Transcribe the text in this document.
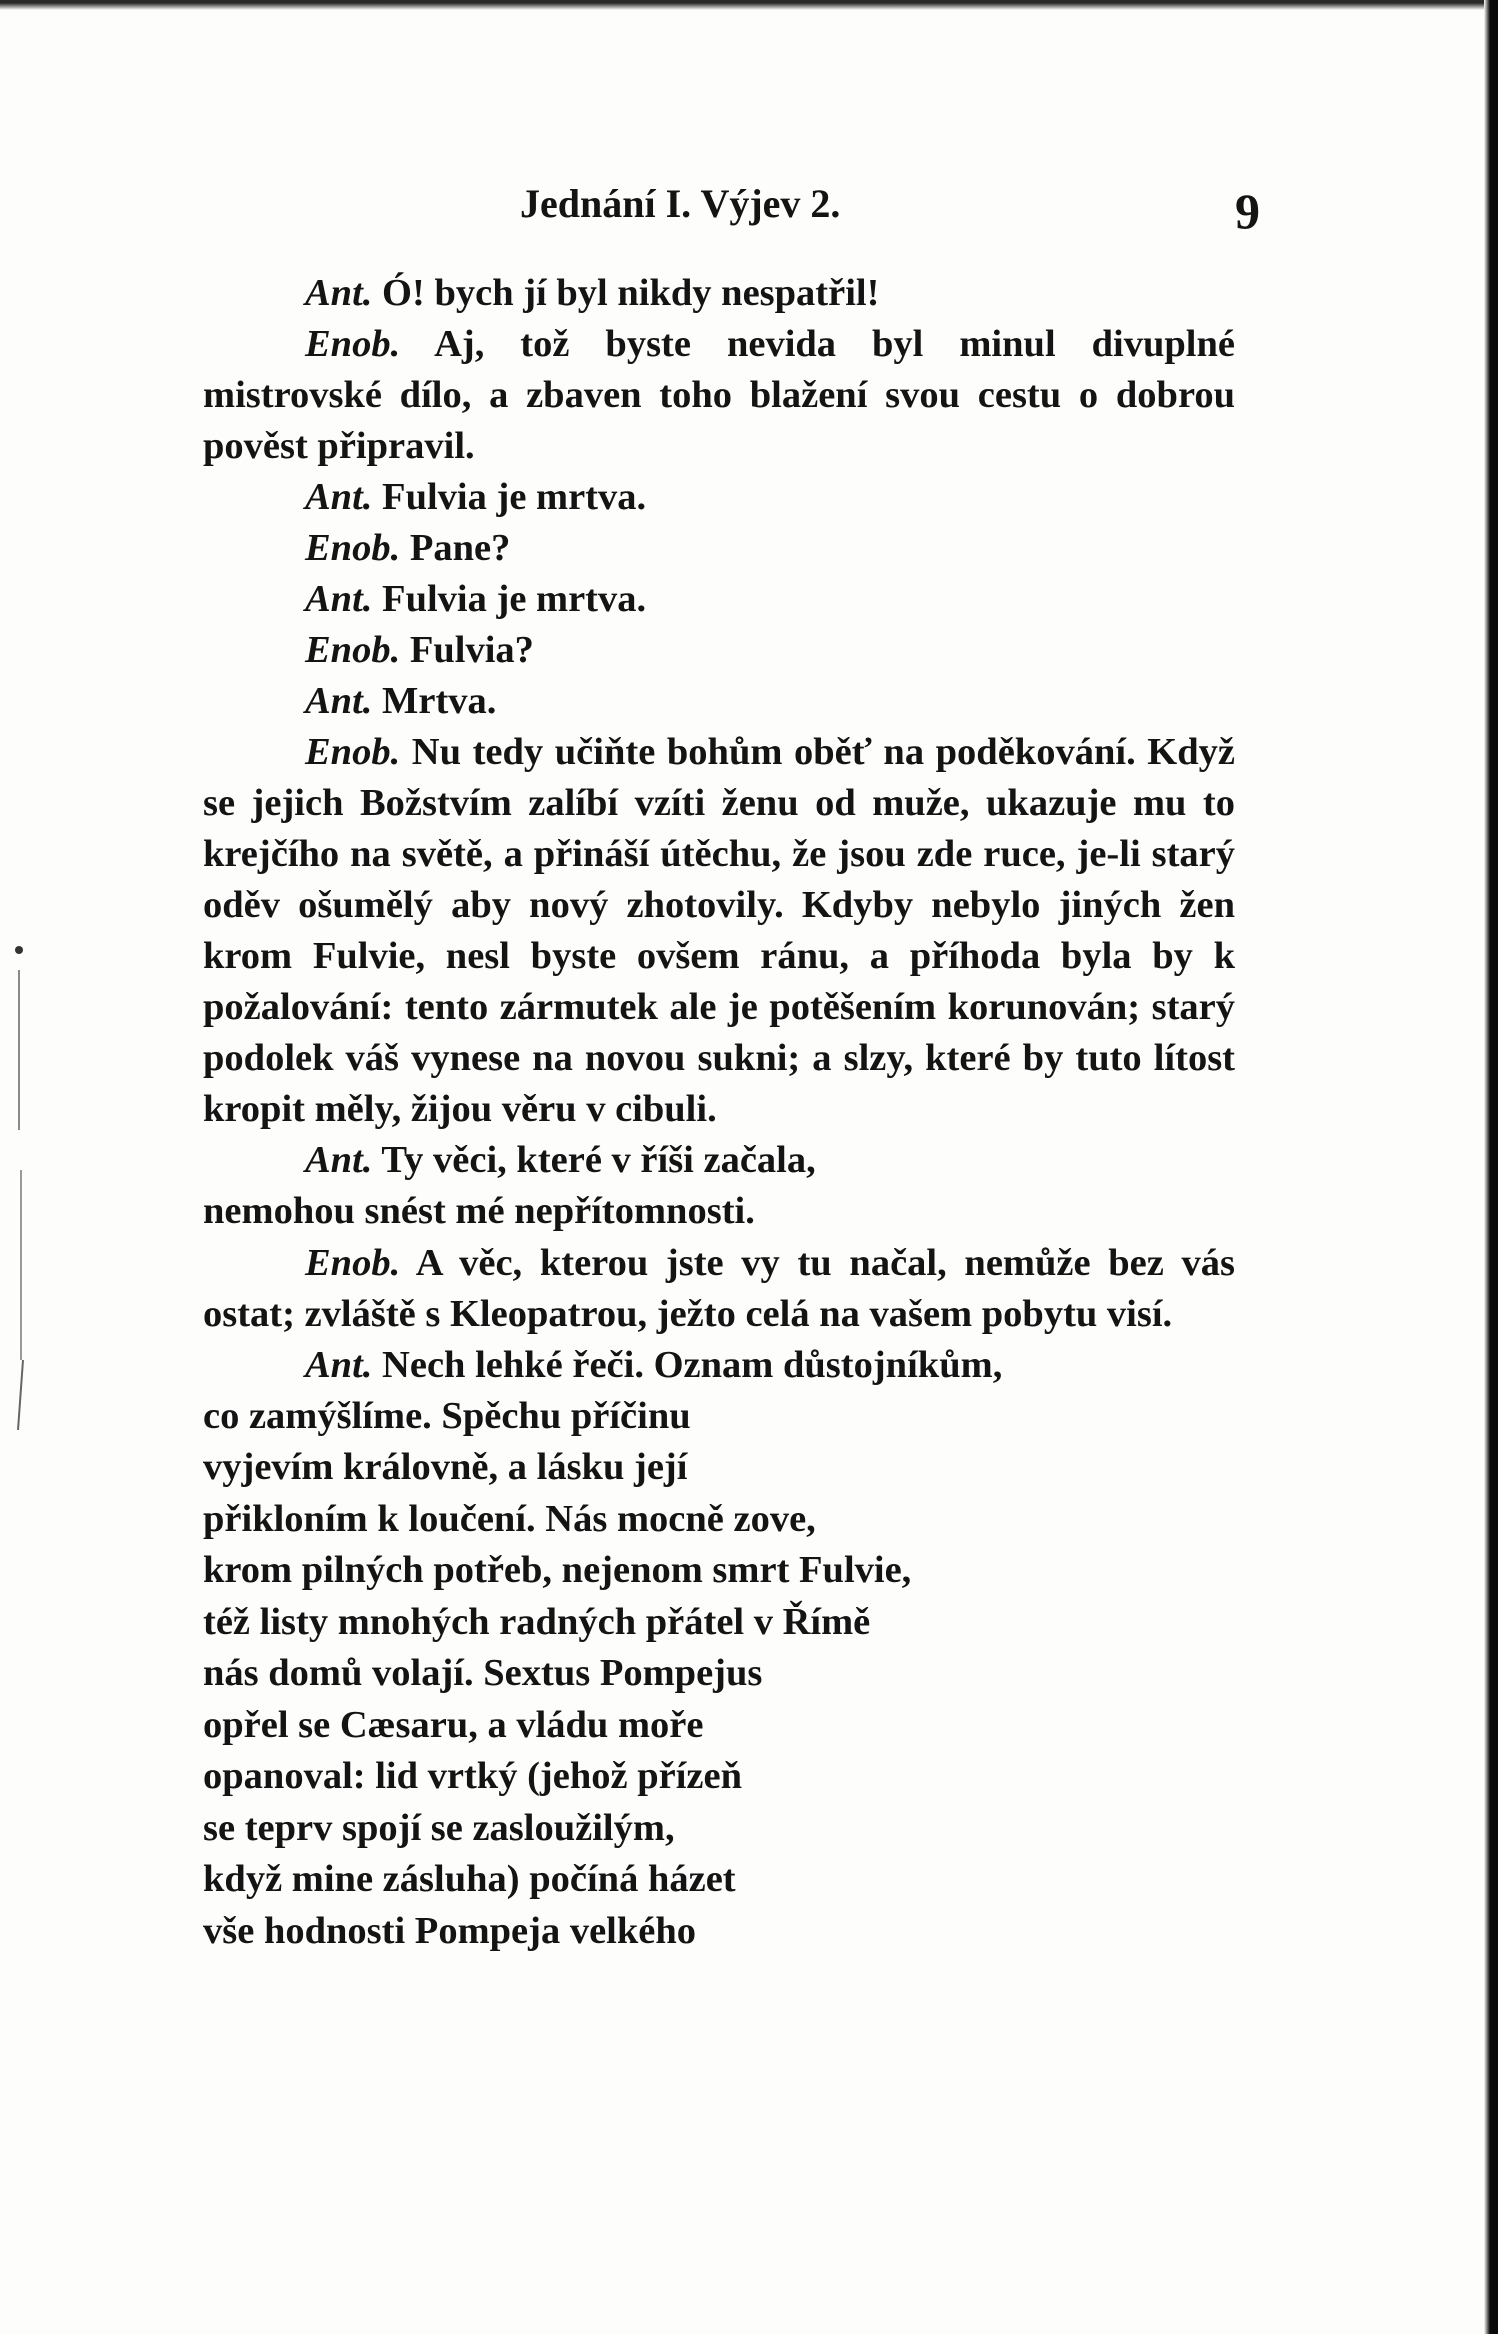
Jednání I. Výjev 2.	9

Ant. Ó! bych jí byl nikdy nespatřil!

Enob. Aj, tož byste nevida byl minul divuplné mistrovské dílo, a zbaven toho blažení svou cestu o dobrou pověst připravil.

Ant. Fulvia je mrtva.

Enob. Pane?

Ant. Fulvia je mrtva.

Enob. Fulvia?

Ant. Mrtva.

Enob. Nu tedy učiňte bohům oběť na poděkování. Když se jejich Božstvím zalíbí vzíti ženu od muže, ukazuje mu to krejčího na světě, a přináší útěchu, že jsou zde ruce, je-li starý oděv ošumělý aby nový zhotovily. Kdyby nebylo jiných žen krom Fulvie, nesl byste ovšem ránu, a příhoda byla by k požalování: tento zármutek ale je potěšením korunován; starý podolek váš vynese na novou sukni; a slzy, které by tuto lítost kropit měly, žijou věru v cibuli.

Ant. Ty věci, které v říši začala,

nemohou snést mé nepřítomnosti.

Enob. A věc, kterou jste vy tu načal, nemůže bez vás ostat; zvláště s Kleopatrou, ježto celá na vašem pobytu visí.

Ant. Nech lehké řeči. Oznam důstojníkům,

co zamýšlíme. Spěchu příčinu

vyjevím královně, a lásku její

přikloním k loučení. Nás mocně zove,

krom pilných potřeb, nejenom smrt Fulvie,

též listy mnohých radných přátel v Římě

nás domů volají. Sextus Pompejus

opřel se Cæsaru, a vládu moře

opanoval: lid vrtký (jehož přízeň

se teprv spojí se zasloužilým,

když mine zásluha) počíná házet

vše hodnosti Pompeja velkého
